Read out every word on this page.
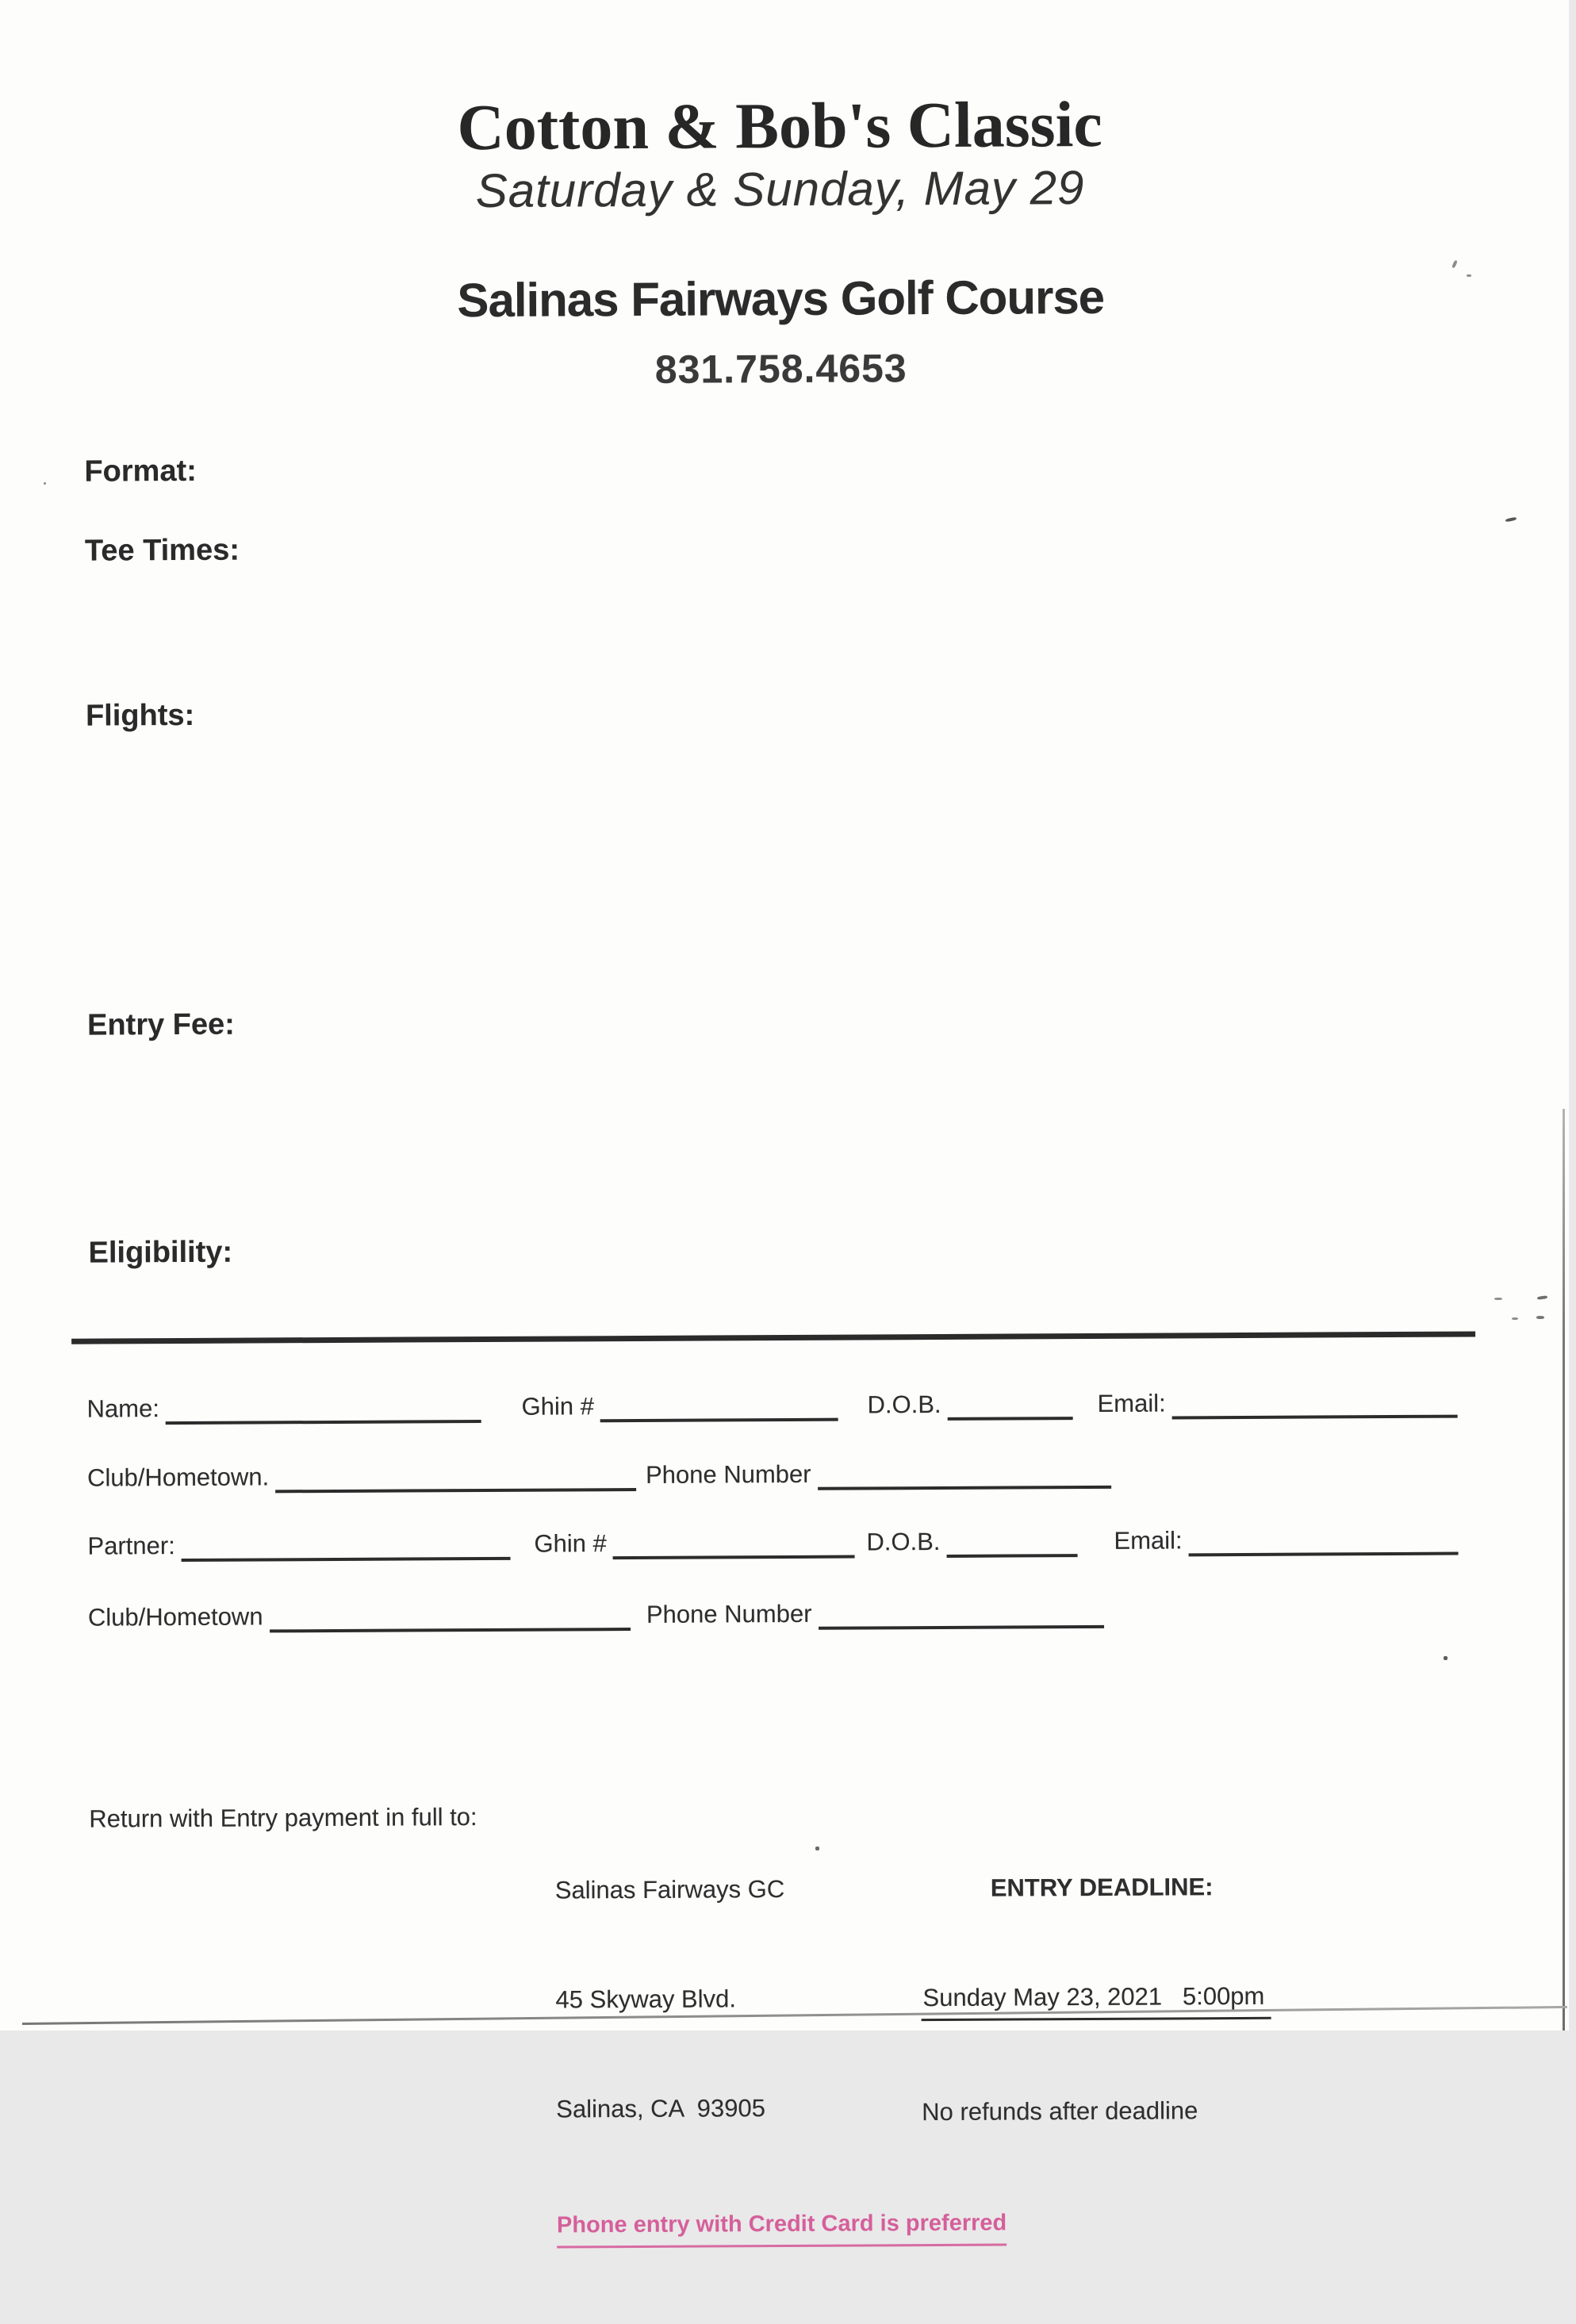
Cotton & Bob's Classic
Saturday & Sunday, May 29
Salinas Fairways Golf Course
831.758.4653
Format:
Tee Times:
Flights:
Entry Fee:
Eligibility:
Name:	Ghin #	D.O.B.	Email:
Club/Hometown.	Phone Number
Partner:	Ghin #	D.O.B.	Email:
Club/Hometown	Phone Number
Return with Entry payment in full to:

Salinas Fairways GC

45 Skyway Blvd.

Salinas, CA  93905

Phone entry with Credit Card is preferred

ENTRY DEADLINE:

Sunday May 23, 2021   5:00pm

No refunds after deadline
